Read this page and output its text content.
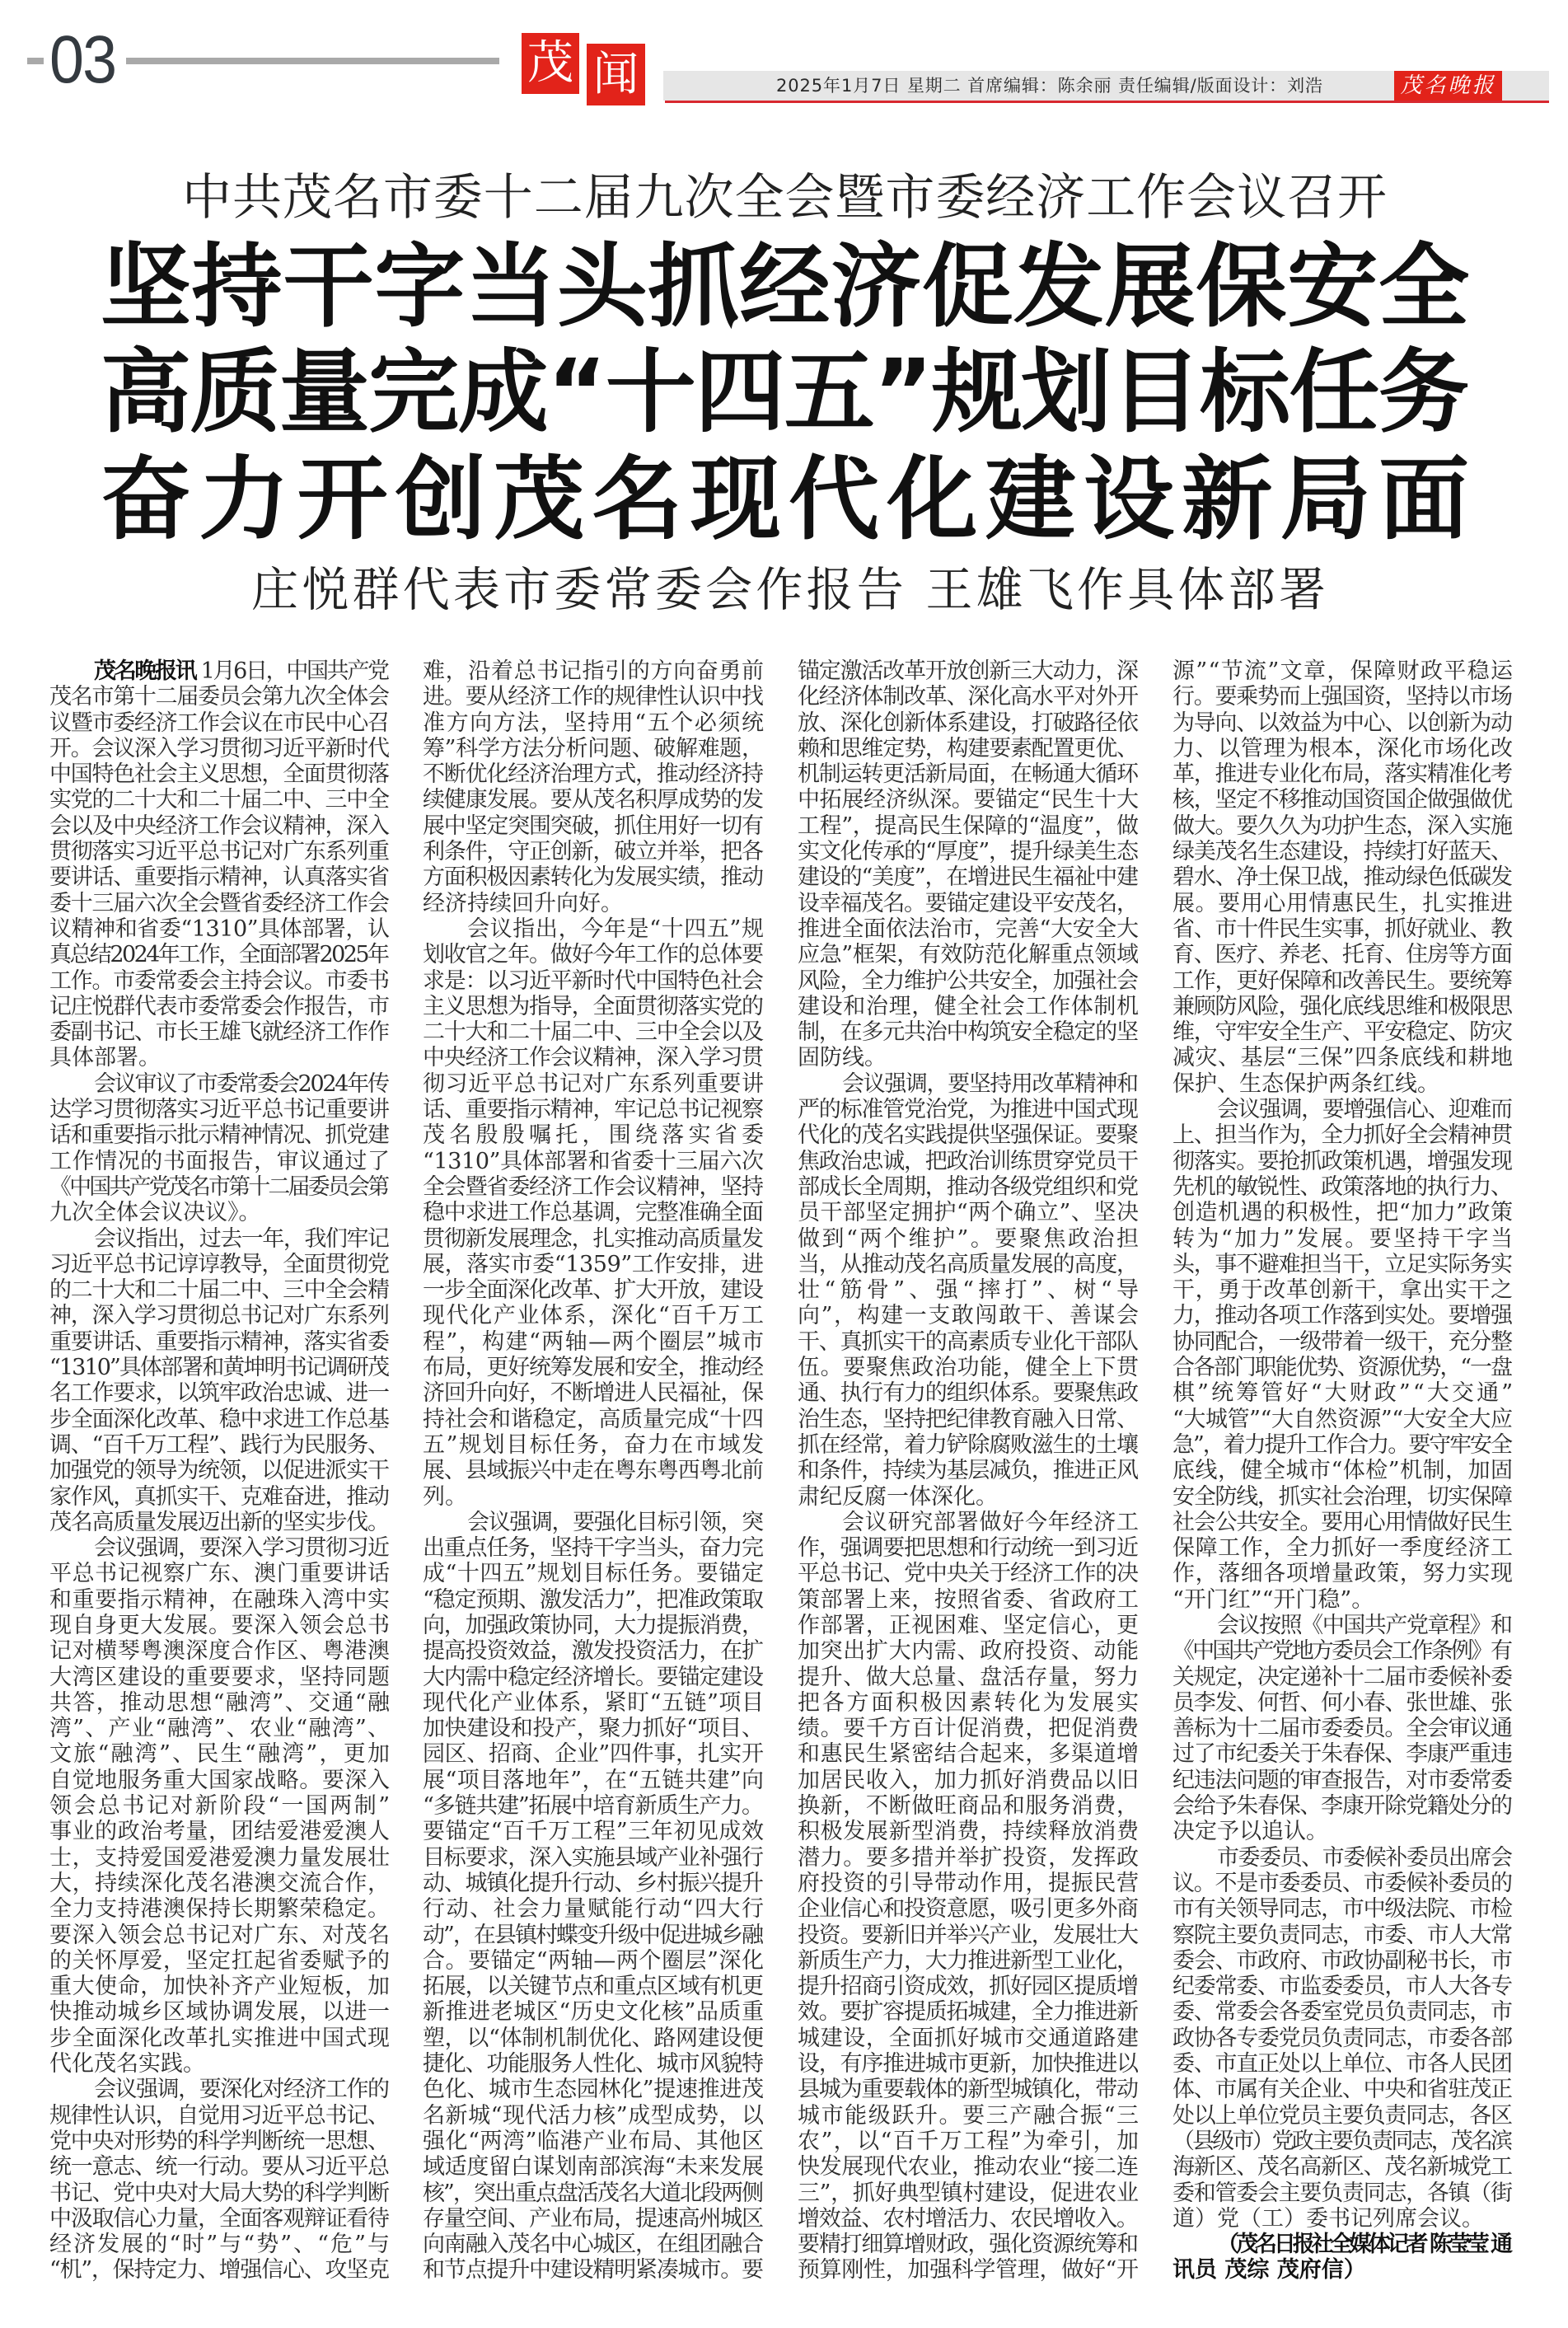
03	茂 闻	2025年1月7日 星期二 首席编辑：陈余丽 责任编辑/版面设计：刘浩	茂名晚报
中共茂名市委十二届九次全会暨市委经济工作会议召开
坚持干字当头抓经济促发展保安全
高质量完成“十四五”规划目标任务
奋力开创茂名现代化建设新局面
庄悦群代表市委常委会作报告 王雄飞作具体部署
茂名晚报讯 1月6日，中国共产党
茂名市第十二届委员会第九次全体会
议暨市委经济工作会议在市民中心召
开。会议深入学习贯彻习近平新时代
中国特色社会主义思想，全面贯彻落
实党的二十大和二十届二中、三中全
会以及中央经济工作会议精神，深入
贯彻落实习近平总书记对广东系列重
要讲话、重要指示精神，认真落实省
委十三届六次全会暨省委经济工作会
议精神和省委“1310”具体部署，认
真总结2024年工作，全面部署2025年
工作。市委常委会主持会议。市委书
记庄悦群代表市委常委会作报告，市
委副书记、市长王雄飞就经济工作作
具体部署。
会议审议了市委常委会2024年传
达学习贯彻落实习近平总书记重要讲
话和重要指示批示精神情况、抓党建
工作情况的书面报告，审议通过了
《中国共产党茂名市第十二届委员会第
九次全体会议决议》。
会议指出，过去一年，我们牢记
习近平总书记谆谆教导，全面贯彻党
的二十大和二十届二中、三中全会精
神，深入学习贯彻总书记对广东系列
重要讲话、重要指示精神，落实省委
“1310”具体部署和黄坤明书记调研茂
名工作要求，以筑牢政治忠诚、进一
步全面深化改革、稳中求进工作总基
调、“百千万工程”、践行为民服务、
加强党的领导为统领，以促进派实干
家作风，真抓实干、克难奋进，推动
茂名高质量发展迈出新的坚实步伐。
会议强调，要深入学习贯彻习近
平总书记视察广东、澳门重要讲话
和重要指示精神，在融珠入湾中实
现自身更大发展。要深入领会总书
记对横琴粤澳深度合作区、粤港澳
大湾区建设的重要要求，坚持同题
共答，推动思想“融湾”、交通“融
湾”、产业“融湾”、农业“融湾”、
文旅“融湾”、民生“融湾”，更加
自觉地服务重大国家战略。要深入
领会总书记对新阶段“一国两制”
事业的政治考量，团结爱港爱澳人
士，支持爱国爱港爱澳力量发展壮
大，持续深化茂名港澳交流合作，
全力支持港澳保持长期繁荣稳定。
要深入领会总书记对广东、对茂名
的关怀厚爱，坚定扛起省委赋予的
重大使命，加快补齐产业短板，加
快推动城乡区域协调发展，以进一
步全面深化改革扎实推进中国式现
代化茂名实践。
会议强调，要深化对经济工作的
规律性认识，自觉用习近平总书记、
党中央对形势的科学判断统一思想、
统一意志、统一行动。要从习近平总
书记、党中央对大局大势的科学判断
中汲取信心力量，全面客观辩证看待
经济发展的“时”与“势”、“危”与
“机”，保持定力、增强信心、攻坚克
难，沿着总书记指引的方向奋勇前
进。要从经济工作的规律性认识中找
准方向方法，坚持用“五个必须统
筹”科学方法分析问题、破解难题，
不断优化经济治理方式，推动经济持
续健康发展。要从茂名积厚成势的发
展中坚定突围突破，抓住用好一切有
利条件，守正创新，破立并举，把各
方面积极因素转化为发展实绩，推动
经济持续回升向好。
会议指出，今年是“十四五”规
划收官之年。做好今年工作的总体要
求是：以习近平新时代中国特色社会
主义思想为指导，全面贯彻落实党的
二十大和二十届二中、三中全会以及
中央经济工作会议精神，深入学习贯
彻习近平总书记对广东系列重要讲
话、重要指示精神，牢记总书记视察
茂名殷殷嘱托，围绕落实省委
“1310”具体部署和省委十三届六次
全会暨省委经济工作会议精神，坚持
稳中求进工作总基调，完整准确全面
贯彻新发展理念，扎实推动高质量发
展，落实市委“1359”工作安排，进
一步全面深化改革、扩大开放，建设
现代化产业体系，深化“百千万工
程”，构建“两轴—两个圈层”城市
布局，更好统筹发展和安全，推动经
济回升向好，不断增进人民福祉，保
持社会和谐稳定，高质量完成“十四
五”规划目标任务，奋力在市域发
展、县域振兴中走在粤东粤西粤北前
列。
会议强调，要强化目标引领，突
出重点任务，坚持干字当头，奋力完
成“十四五”规划目标任务。要锚定
“稳定预期、激发活力”，把准政策取
向，加强政策协同，大力提振消费，
提高投资效益，激发投资活力，在扩
大内需中稳定经济增长。要锚定建设
现代化产业体系，紧盯“五链”项目
加快建设和投产，聚力抓好“项目、
园区、招商、企业”四件事，扎实开
展“项目落地年”，在“五链共建”向
“多链共建”拓展中培育新质生产力。
要锚定“百千万工程”三年初见成效
目标要求，深入实施县域产业补强行
动、城镇化提升行动、乡村振兴提升
行动、社会力量赋能行动“四大行
动”，在县镇村蝶变升级中促进城乡融
合。要锚定“两轴—两个圈层”深化
拓展，以关键节点和重点区域有机更
新推进老城区“历史文化核”品质重
塑，以“体制机制优化、路网建设便
捷化、功能服务人性化、城市风貌特
色化、城市生态园林化”提速推进茂
名新城“现代活力核”成型成势，以
强化“两湾”临港产业布局、其他区
域适度留白谋划南部滨海“未来发展
核”，突出重点盘活茂名大道北段两侧
存量空间、产业布局，提速高州城区
向南融入茂名中心城区，在组团融合
和节点提升中建设精明紧凑城市。要
锚定激活改革开放创新三大动力，深
化经济体制改革、深化高水平对外开
放、深化创新体系建设，打破路径依
赖和思维定势，构建要素配置更优、
机制运转更活新局面，在畅通大循环
中拓展经济纵深。要锚定“民生十大
工程”，提高民生保障的“温度”，做
实文化传承的“厚度”，提升绿美生态
建设的“美度”，在增进民生福祉中建
设幸福茂名。要锚定建设平安茂名，
推进全面依法治市，完善“大安全大
应急”框架，有效防范化解重点领域
风险，全力维护公共安全，加强社会
建设和治理，健全社会工作体制机
制，在多元共治中构筑安全稳定的坚
固防线。
会议强调，要坚持用改革精神和
严的标准管党治党，为推进中国式现
代化的茂名实践提供坚强保证。要聚
焦政治忠诚，把政治训练贯穿党员干
部成长全周期，推动各级党组织和党
员干部坚定拥护“两个确立”、坚决
做到“两个维护”。要聚焦政治担
当，从推动茂名高质量发展的高度，
壮“筋骨”、强“摔打”、树“导
向”，构建一支敢闯敢干、善谋会
干、真抓实干的高素质专业化干部队
伍。要聚焦政治功能，健全上下贯
通、执行有力的组织体系。要聚焦政
治生态，坚持把纪律教育融入日常、
抓在经常，着力铲除腐败滋生的土壤
和条件，持续为基层减负，推进正风
肃纪反腐一体深化。
会议研究部署做好今年经济工
作，强调要把思想和行动统一到习近
平总书记、党中央关于经济工作的决
策部署上来，按照省委、省政府工
作部署，正视困难、坚定信心，更
加突出扩大内需、政府投资、动能
提升、做大总量、盘活存量，努力
把各方面积极因素转化为发展实
绩。要千方百计促消费，把促消费
和惠民生紧密结合起来，多渠道增
加居民收入，加力抓好消费品以旧
换新，不断做旺商品和服务消费，
积极发展新型消费，持续释放消费
潜力。要多措并举扩投资，发挥政
府投资的引导带动作用，提振民营
企业信心和投资意愿，吸引更多外商
投资。要新旧并举兴产业，发展壮大
新质生产力，大力推进新型工业化，
提升招商引资成效，抓好园区提质增
效。要扩容提质拓城建，全力推进新
城建设，全面抓好城市交通道路建
设，有序推进城市更新，加快推进以
县城为重要载体的新型城镇化，带动
城市能级跃升。要三产融合振“三
农”，以“百千万工程”为牵引，加
快发展现代农业，推动农业“接二连
三”，抓好典型镇村建设，促进农业
增效益、农村增活力、农民增收入。
要精打细算增财政，强化资源统筹和
预算刚性，加强科学管理，做好“开
源”“节流”文章，保障财政平稳运
行。要乘势而上强国资，坚持以市场
为导向、以效益为中心、以创新为动
力、以管理为根本，深化市场化改
革，推进专业化布局，落实精准化考
核，坚定不移推动国资国企做强做优
做大。要久久为功护生态，深入实施
绿美茂名生态建设，持续打好蓝天、
碧水、净土保卫战，推动绿色低碳发
展。要用心用情惠民生，扎实推进
省、市十件民生实事，抓好就业、教
育、医疗、养老、托育、住房等方面
工作，更好保障和改善民生。要统筹
兼顾防风险，强化底线思维和极限思
维，守牢安全生产、平安稳定、防灾
减灾、基层“三保”四条底线和耕地
保护、生态保护两条红线。
会议强调，要增强信心、迎难而
上、担当作为，全力抓好全会精神贯
彻落实。要抢抓政策机遇，增强发现
先机的敏锐性、政策落地的执行力、
创造机遇的积极性，把“加力”政策
转为“加力”发展。要坚持干字当
头，事不避难担当干，立足实际务实
干，勇于改革创新干，拿出实干之
力，推动各项工作落到实处。要增强
协同配合，一级带着一级干，充分整
合各部门职能优势、资源优势，“一盘
棋”统筹管好“大财政”“大交通”
“大城管”“大自然资源”“大安全大应
急”，着力提升工作合力。要守牢安全
底线，健全城市“体检”机制，加固
安全防线，抓实社会治理，切实保障
社会公共安全。要用心用情做好民生
保障工作，全力抓好一季度经济工
作，落细各项增量政策，努力实现
“开门红”“开门稳”。
会议按照《中国共产党章程》和
《中国共产党地方委员会工作条例》有
关规定，决定递补十二届市委候补委
员李发、何哲、何小春、张世雄、张
善标为十二届市委委员。全会审议通
过了市纪委关于朱春保、李康严重违
纪违法问题的审查报告，对市委常委
会给予朱春保、李康开除党籍处分的
决定予以追认。
市委委员、市委候补委员出席会
议。不是市委委员、市委候补委员的
市有关领导同志，市中级法院、市检
察院主要负责同志，市委、市人大常
委会、市政府、市政协副秘书长，市
纪委常委、市监委委员，市人大各专
委、常委会各委室党员负责同志，市
政协各专委党员负责同志，市委各部
委、市直正处以上单位、市各人民团
体、市属有关企业、中央和省驻茂正
处以上单位党员主要负责同志，各区
（县级市）党政主要负责同志，茂名滨
海新区、茂名高新区、茂名新城党工
委和管委会主要负责同志，各镇（街
道）党（工）委书记列席会议。
（茂名日报社全媒体记者 陈莹莹 通
讯员 茂综 茂府信）
